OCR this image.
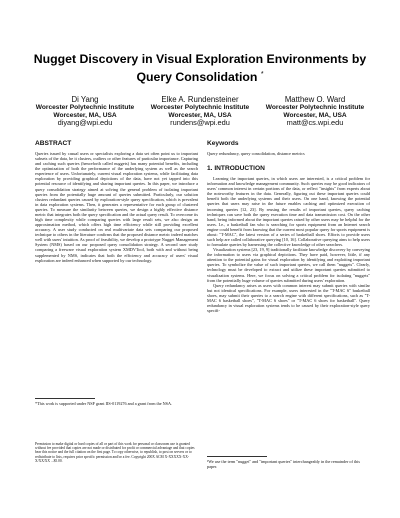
Nugget Discovery in Visual Exploration Environments by
Query Consolidation *
Di Yang
Worcester Polytechnic Institute
Worcester, MA, USA
diyang@wpi.edu
Elke A. Rundensteiner
Worcester Polytechnic Institute
Worcester, MA, USA
rundens@wpi.edu
Matthew O. Ward
Worcester Polytechnic Institute
Worcester, MA, USA
matt@cs.wpi.edu
ABSTRACT

Queries issued by casual users or specialists exploring a data set often point us to important subsets of the data, be it clusters, outliers or other features of particular importance. Capturing and caching such queries (henceforth called nuggets) has many potential benefits, including the optimization of both the performance of the underlying system as well as the search experience of users. Unfortunately, current visual exploration systems, while facilitating data exploration by providing graphical depictions of the data, have not yet tapped into this potential resource of identifying and sharing important queries. In this paper, we introduce a query consolidation strategy aimed at solving the general problem of isolating important queries from the potentially huge amount of queries submitted. Particularly, our solution clusters redundant queries caused by exploration-style query specification, which is prevalent in data exploration systems. Then, it generates a representative for each group of clustered queries. To measure the similarity between queries, we design a highly effective distance metric that integrates both the query specification and the actual query result. To overcome its high time complexity while comparing queries with large result sets, we also design an approximation method, which offers high time efficiency while still providing excellent accuracy. A user study conducted on real multivariate data sets comparing our proposed technique to others in the literature confirms that the proposed distance metric indeed matches well with users' intuition. As proof of feasibility, we develop a prototype Nugget Management System (NMS) based on our proposed query consolidation strategy. A second user study comparing a freeware visual exploration system XMDVTool, both with and without being supplemented by NMS, indicates that both the efficiency and accuracy of users' visual exploration are indeed enhanced when supported by our technology.

*This work is supported under NSF grant IIS-0119276 and a grant from the NSA.
Permission to make digital or hard copies of all or part of this work for personal or classroom use is granted without fee provided that copies are not made or distributed for profit or commercial advantage and that copies bear this notice and the full citation on the first page. To copy otherwise, to republish, to post on servers or to redistribute to lists, requires prior specific permission and/or a fee. Copyright 200X ACM X-XXXXX-XX-X/XX/XX ...$5.00.
Keywords

Query redundancy, query consolidation, distance metrics

1. INTRODUCTION

Learning the important queries, in which users are interested, is a critical problem for information and knowledge management community. Such queries may be good indicators of users' common interest in certain portions of the data, or reflect "insights" from experts about the noteworthy features in the data. Generally, figuring out these important queries could benefit both the underlying systems and their users. On one hand, knowing the potential queries that users may raise in the future enables caching and optimized execution of incoming queries [12, 23]. By reusing the results of important queries, query caching techniques can save both the query execution time and data transmission cost. On the other hand, being informed about the important queries raised by other users may be helpful for the users. I.e., a basketball fan who is searching for sports equipment from an Internet search engine could benefit from knowing that the current most popular query for sports equipment is about: "T-MAC", the latest version of a series of basketball shoes. Efforts to provide users such help are called collaborative querying [10, 16]. Collaborative querying aims to help users to formulate queries by harnessing the collective knowledge of other searchers.

Visualization systems [23, 19, 9] traditionally facilitate knowledge discovery by conveying the information to users via graphical depictions. They have paid, however, little, if any attention to the potential gains for visual exploration by identifying and exploiting important queries. To symbolize the value of such important queries, we call them "nuggets". Clearly, technology must be developed to extract and utilize these important queries submitted to visualization systems. Here, we focus on solving a critical problem for isolating "nuggets" from the potentially huge volume of queries submitted during users' exploration.

Query redundancy arises as users with common interest may submit queries with similar but not identical specifications. For example, users interested in the "T-MAC 6" basketball shoes, may submit their queries to a search engine with different specifications, such as "T-MAC 6 basketball shoes", "T-MAC 6 shoes" or "T-MAC 6 shoes for basketball". Query redundancy in visual exploration systems tends to be caused by their exploration-style query specifi-

¹We use the term "nugget" and "important queries" interchangeably in the remainder of this paper.
